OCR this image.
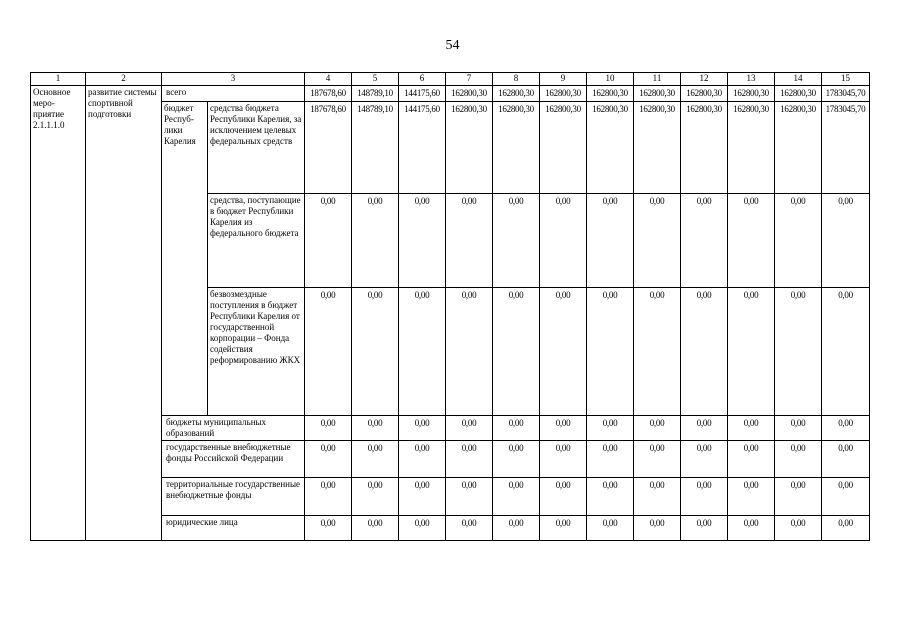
54
1	2	3		4	5	6	7	8	9	10	11	12	13	14	15
Основное меро-приятие 2.1.1.1.0	развитие системы спортивной подготовки	всего		187678,60	148789,10	144175,60	162800,30	162800,30	162800,30	162800,30	162800,30	162800,30	162800,30	162800,30	1783045,70
		бюджет Респуб-лики Карелия	средства бюджета Республики Карелия, за исключением целевых федеральных средств	187678,60	148789,10	144175,60	162800,30	162800,30	162800,30	162800,30	162800,30	162800,30	162800,30	162800,30	1783045,70
			средства, поступающие в бюджет Республики Карелия из федерального бюджета	0,00	0,00	0,00	0,00	0,00	0,00	0,00	0,00	0,00	0,00	0,00	0,00
			безвозмездные поступления в бюджет Республики Карелия от государственной корпорации – Фонда содействия реформированию ЖКХ	0,00	0,00	0,00	0,00	0,00	0,00	0,00	0,00	0,00	0,00	0,00	0,00
		бюджеты муниципальных образований		0,00	0,00	0,00	0,00	0,00	0,00	0,00	0,00	0,00	0,00	0,00	0,00
		государственные внебюджетные фонды Российской Федерации		0,00	0,00	0,00	0,00	0,00	0,00	0,00	0,00	0,00	0,00	0,00	0,00
		территориальные государственные внебюджетные фонды		0,00	0,00	0,00	0,00	0,00	0,00	0,00	0,00	0,00	0,00	0,00	0,00
		юридические лица		0,00	0,00	0,00	0,00	0,00	0,00	0,00	0,00	0,00	0,00	0,00	0,00
